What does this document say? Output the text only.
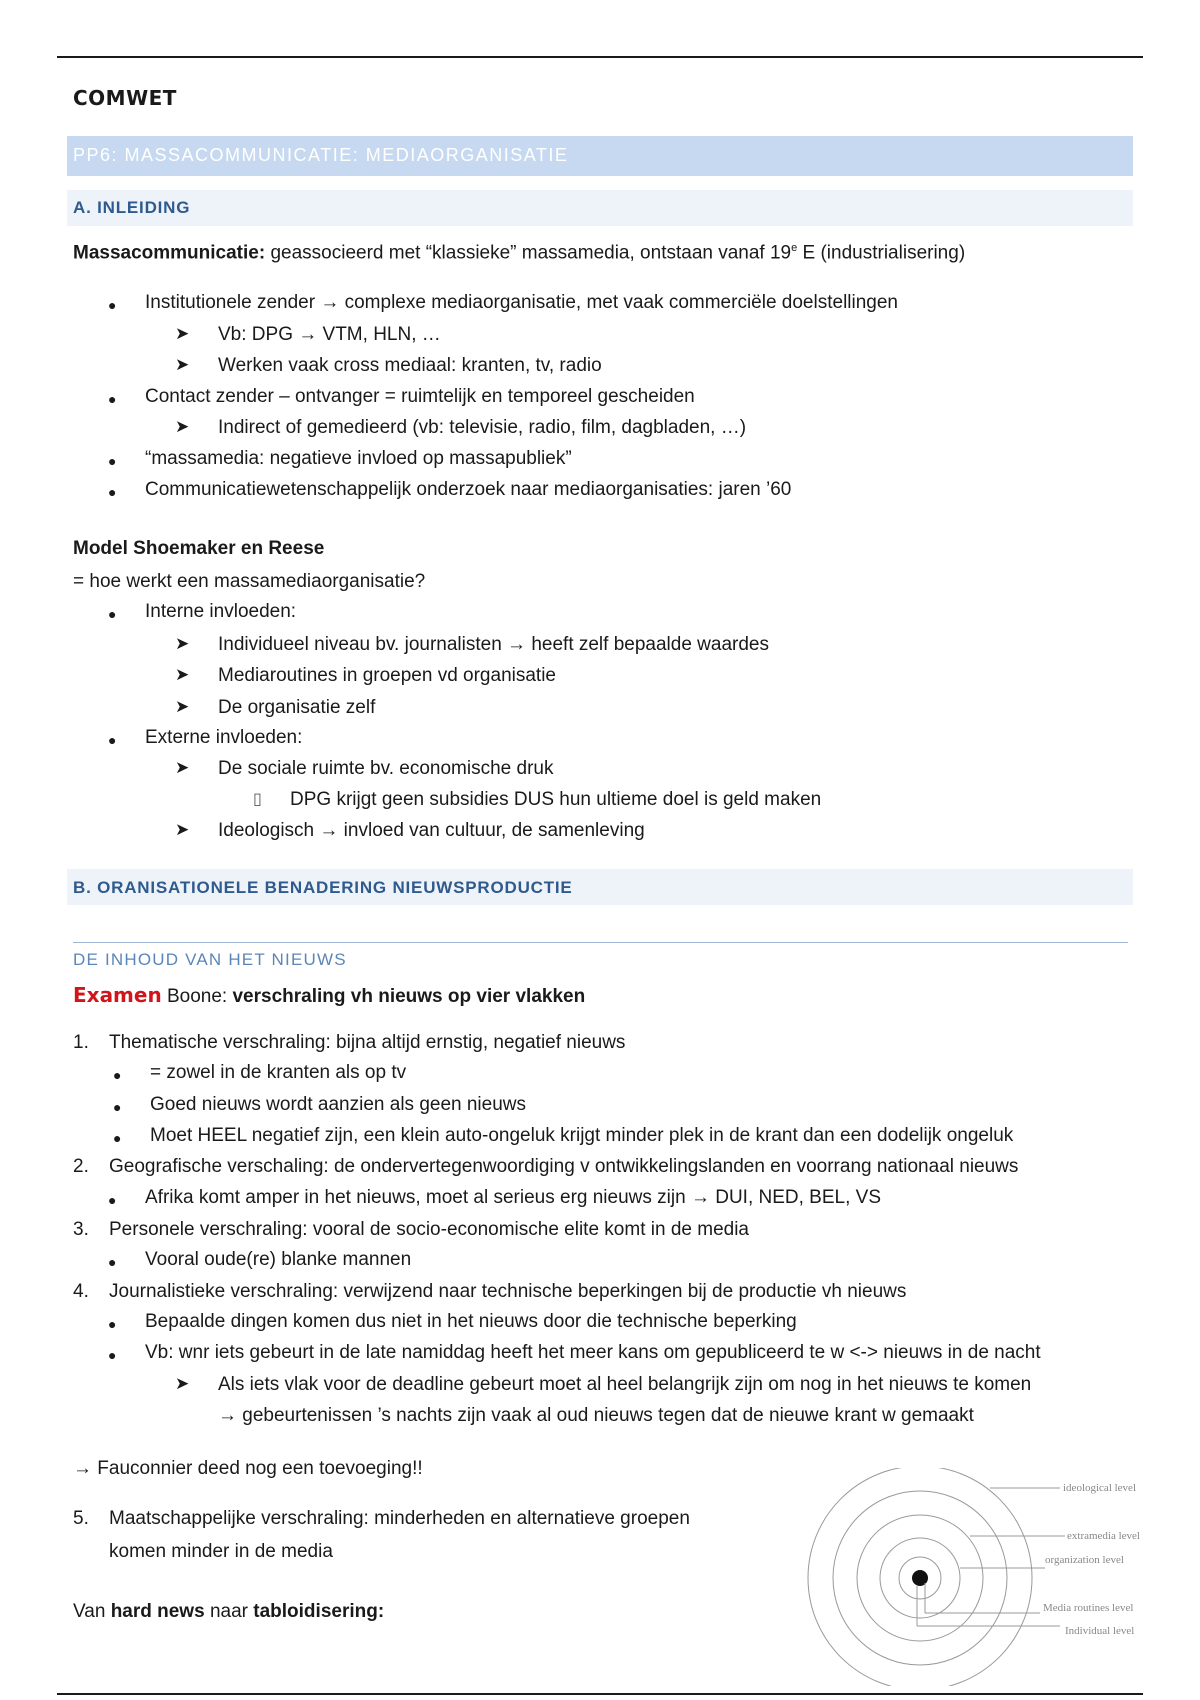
COMWET
PP6: MASSACOMMUNICATIE: MEDIAORGANISATIE
A. INLEIDING
Massacommunicatie: geassocieerd met “klassieke” massamedia, ontstaan vanaf 19e E (industrialisering)
● Institutionele zender → complexe mediaorganisatie, met vaak commerciële doelstellingen
➤ Vb: DPG → VTM, HLN, …
➤ Werken vaak cross mediaal: kranten, tv, radio
● Contact zender – ontvanger = ruimtelijk en temporeel gescheiden
➤ Indirect of gemedieerd (vb: televisie, radio, film, dagbladen, …)
● “massamedia: negatieve invloed op massapubliek”
● Communicatiewetenschappelijk onderzoek naar mediaorganisaties: jaren ’60
Model Shoemaker en Reese
= hoe werkt een massamediaorganisatie?
● Interne invloeden:
➤ Individueel niveau bv. journalisten → heeft zelf bepaalde waardes
➤ Mediaroutines in groepen vd organisatie
➤ De organisatie zelf
● Externe invloeden:
➤ De sociale ruimte bv. economische druk
▯ DPG krijgt geen subsidies DUS hun ultieme doel is geld maken
➤ Ideologisch → invloed van cultuur, de samenleving
B. ORANISATIONELE BENADERING NIEUWSPRODUCTIE
DE INHOUD VAN HET NIEUWS
Examen Boone: verschraling vh nieuws op vier vlakken
1. Thematische verschraling: bijna altijd ernstig, negatief nieuws
● = zowel in de kranten als op tv
● Goed nieuws wordt aanzien als geen nieuws
● Moet HEEL negatief zijn, een klein auto-ongeluk krijgt minder plek in de krant dan een dodelijk ongeluk
2. Geografische verschaling: de ondervertegenwoordiging v ontwikkelingslanden en voorrang nationaal nieuws
● Afrika komt amper in het nieuws, moet al serieus erg nieuws zijn → DUI, NED, BEL, VS
3. Personele verschraling: vooral de socio-economische elite komt in de media
● Vooral oude(re) blanke mannen
4. Journalistieke verschraling: verwijzend naar technische beperkingen bij de productie vh nieuws
● Bepaalde dingen komen dus niet in het nieuws door die technische beperking
● Vb: wnr iets gebeurt in de late namiddag heeft het meer kans om gepubliceerd te w <-> nieuws in de nacht
➤ Als iets vlak voor de deadline gebeurt moet al heel belangrijk zijn om nog in het nieuws te komen
→ gebeurtenissen ’s nachts zijn vaak al oud nieuws tegen dat de nieuwe krant w gemaakt
→ Fauconnier deed nog een toevoeging!!
5. Maatschappelijke verschraling: minderheden en alternatieve groepen
komen minder in de media
Van hard news naar tabloidisering:
ideological level
extramedia level
organization level
Media routines level
Individual level
